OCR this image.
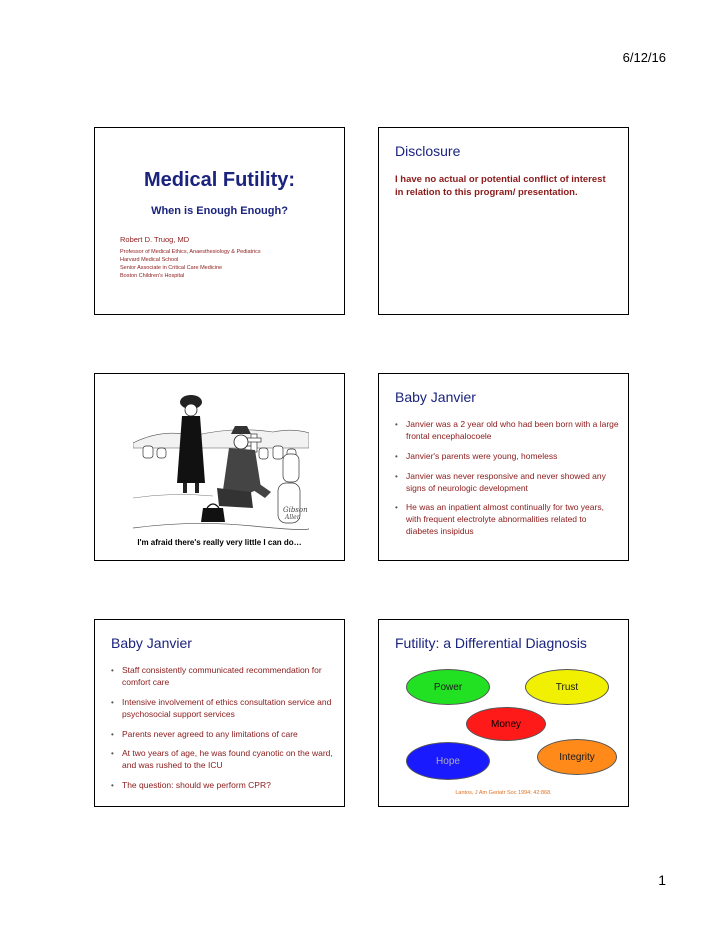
6/12/16
Medical Futility:
When is Enough Enough?
Robert D. Truog, MD
Professor of Medical Ethics, Anaesthesiology & Pediatrics
Harvard Medical School
Senior Associate in Critical Care Medicine
Boston Children's Hospital
Disclosure
I have no actual or potential conflict of interest in relation to this program/ presentation.
Gibson
Allen
I'm afraid there's really very little I can do…
Baby Janvier
• Janvier was a 2 year old who had been born with a large frontal encephalocoele
• Janvier's parents were young, homeless
• Janvier was never responsive and never showed any signs of neurologic development
• He was an inpatient almost continually for two years, with frequent electrolyte abnormalities related to diabetes insipidus
Baby Janvier
• Staff consistently communicated recommendation for comfort care
• Intensive involvement of ethics consultation service and psychosocial support services
• Parents never agreed to any limitations of care
• At two years of age, he was found cyanotic on the ward, and was rushed to the ICU
• The question: should we perform CPR?
Futility: a Differential Diagnosis
Power	Trust
Money
Hope	Integrity
Lantos, J Am Geriatr Soc 1994; 42:868.
1
